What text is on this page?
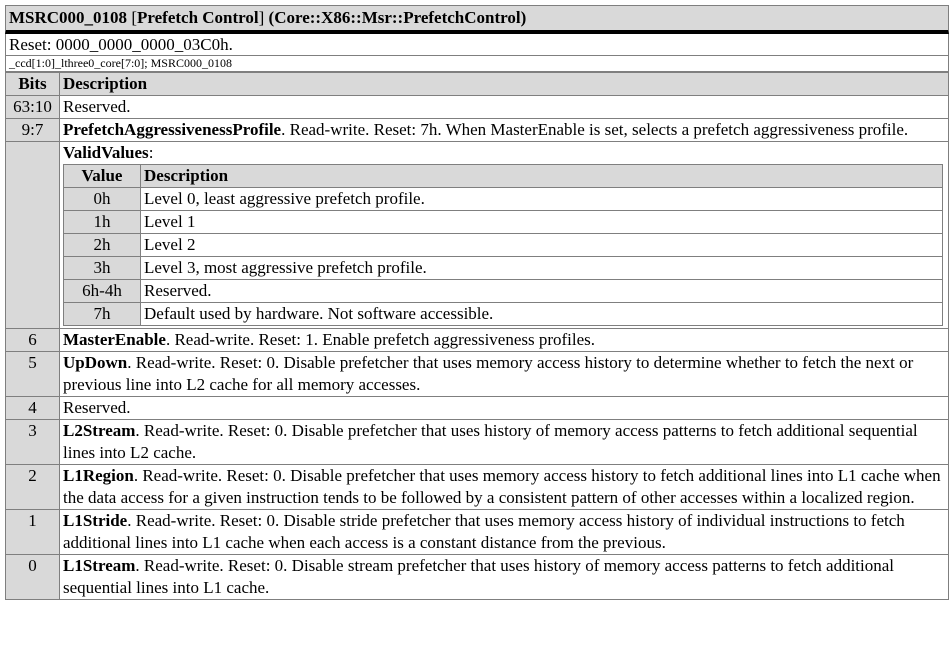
MSRC000_0108 [Prefetch Control] (Core::X86::Msr::PrefetchControl)
Reset: 0000_0000_0000_03C0h.
_ccd[1:0]_lthree0_core[7:0]; MSRC000_0108
Bits	Description
63:10	Reserved.
9:7	PrefetchAggressivenessProfile. Read-write. Reset: 7h. When MasterEnable is set, selects a prefetch aggressiveness profile.

ValidValues:
Value	Description
0h	Level 0, least aggressive prefetch profile.
1h	Level 1
2h	Level 2
3h	Level 3, most aggressive prefetch profile.
6h-4h	Reserved.
7h	Default used by hardware. Not software accessible.

6	MasterEnable. Read-write. Reset: 1. Enable prefetch aggressiveness profiles.
5	UpDown. Read-write. Reset: 0. Disable prefetcher that uses memory access history to determine whether to fetch the next or previous line into L2 cache for all memory accesses.
4	Reserved.
3	L2Stream. Read-write. Reset: 0. Disable prefetcher that uses history of memory access patterns to fetch additional sequential lines into L2 cache.
2	L1Region. Read-write. Reset: 0. Disable prefetcher that uses memory access history to fetch additional lines into L1 cache when the data access for a given instruction tends to be followed by a consistent pattern of other accesses within a localized region.
1	L1Stride. Read-write. Reset: 0. Disable stride prefetcher that uses memory access history of individual instructions to fetch additional lines into L1 cache when each access is a constant distance from the previous.
0	L1Stream. Read-write. Reset: 0. Disable stream prefetcher that uses history of memory access patterns to fetch additional sequential lines into L1 cache.
